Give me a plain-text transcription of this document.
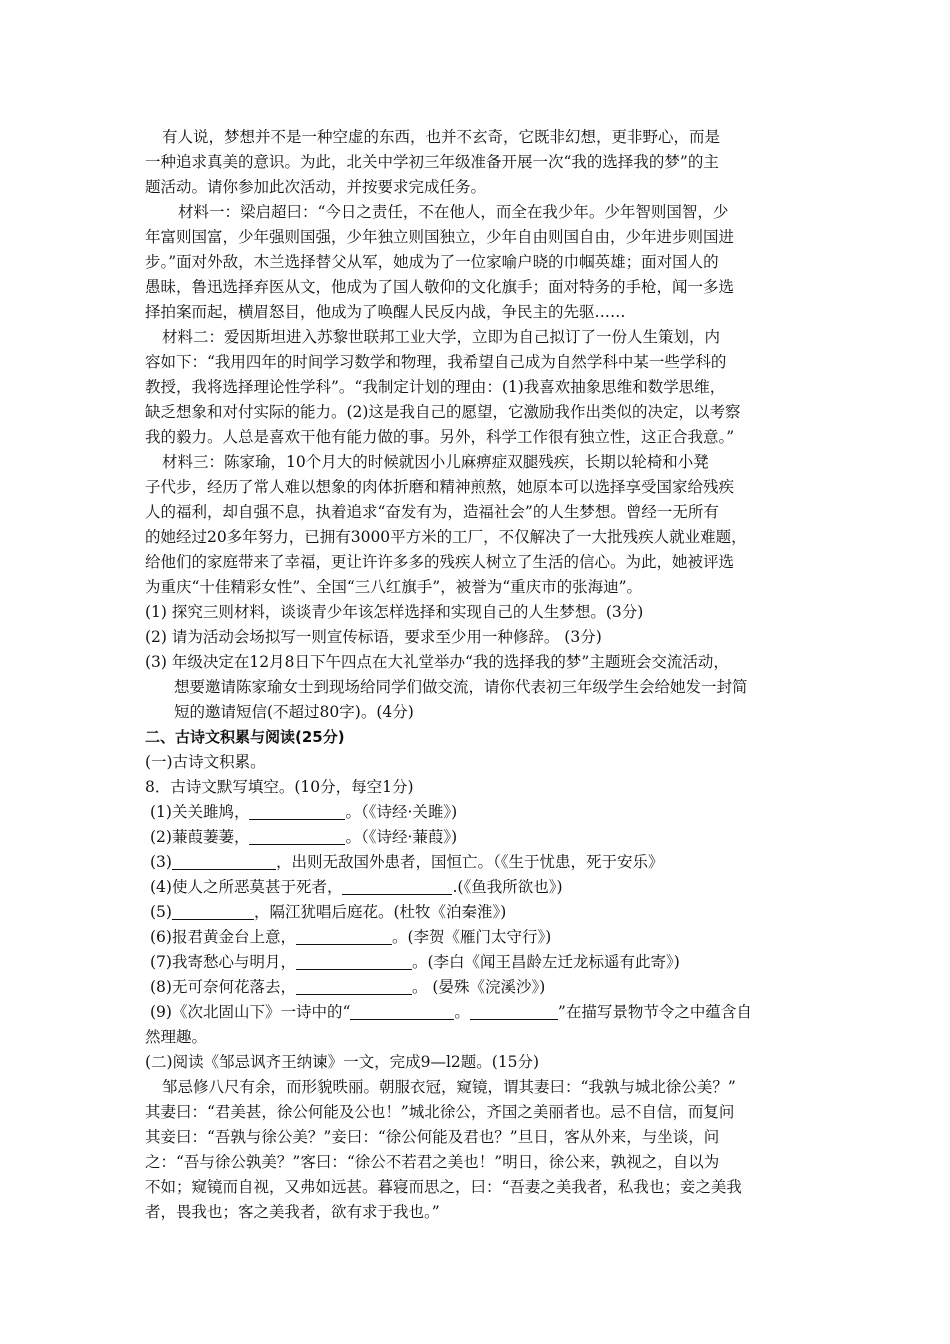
有人说，梦想并不是一种空虚的东西，也并不玄奇，它既非幻想，更非野心，而是
一种追求真美的意识。为此，北关中学初三年级准备开展一次“我的选择我的梦”的主
题活动。请你参加此次活动，并按要求完成任务。
材料一：梁启超曰：“今日之责任，不在他人，而全在我少年。少年智则国智，少
年富则国富，少年强则国强，少年独立则国独立，少年自由则国自由，少年进步则国进
步。”面对外敌，木兰选择替父从军，她成为了一位家喻户晓的巾帼英雄；面对国人的
愚昧，鲁迅选择弃医从文，他成为了国人敬仰的文化旗手；面对特务的手枪，闻一多选
择拍案而起，横眉怒目，他成为了唤醒人民反内战，争民主的先驱……
材料二：爱因斯坦进入苏黎世联邦工业大学，立即为自己拟订了一份人生策划，内
容如下：“我用四年的时间学习数学和物理，我希望自己成为自然学科中某一些学科的
教授，我将选择理论性学科”。“我制定计划的理由：(1)我喜欢抽象思维和数学思维，
缺乏想象和对付实际的能力。(2)这是我自己的愿望，它激励我作出类似的决定，以考察
我的毅力。人总是喜欢干他有能力做的事。另外，科学工作很有独立性，这正合我意。”
材料三：陈家瑜，10个月大的时候就因小儿麻痹症双腿残疾，长期以轮椅和小凳
子代步，经历了常人难以想象的肉体折磨和精神煎熬，她原本可以选择享受国家给残疾
人的福利，却自强不息，执着追求“奋发有为，造福社会”的人生梦想。曾经一无所有
的她经过20多年努力，已拥有3000平方米的工厂，不仅解决了一大批残疾人就业难题，
给他们的家庭带来了幸福，更让许许多多的残疾人树立了生活的信心。为此，她被评选
为重庆“十佳精彩女性”、全国“三八红旗手”，被誉为“重庆市的张海迪”。
(1) 探究三则材料，谈谈青少年该怎样选择和实现自己的人生梦想。(3分)
(2) 请为活动会场拟写一则宣传标语，要求至少用一种修辞。 (3分)
(3) 年级决定在12月8日下午四点在大礼堂举办“我的选择我的梦”主题班会交流活动，
想要邀请陈家瑜女士到现场给同学们做交流，请你代表初三年级学生会给她发一封简
短的邀请短信(不超过80字)。(4分)
二、古诗文积累与阅读(25分)
(一)古诗文积累。
8．古诗文默写填空。(10分，每空1分)
(1)关关雎鸠，	。（《诗经·关雎》)
(2)蒹葭萋萋，	。（《诗经·蒹葭》)
(3)	，出则无敌国外患者，国恒亡。（《生于忧患，死于安乐》
(4)使人之所恶莫甚于死者，	.(《鱼我所欲也》)
(5)	，隔江犹唱后庭花。(杜牧《泊秦淮》)
(6)报君黄金台上意，	。(李贺《雁门太守行》)
(7)我寄愁心与明月，	。(李白《闻王昌龄左迁龙标遥有此寄》)
(8)无可奈何花落去，	。 (晏殊《浣溪沙》)
(9)《次北固山下》一诗中的“	。	”在描写景物节令之中蕴含自
然理趣。
(二)阅读《邹忌讽齐王纳谏》一文，完成9—l2题。(15分)
邹忌修八尺有余，而形貌昳丽。朝服衣冠，窥镜，谓其妻曰：“我孰与城北徐公美？”
其妻曰：“君美甚，徐公何能及公也！”城北徐公，齐国之美丽者也。忌不自信，而复问
其妾曰：“吾孰与徐公美？”妾曰：“徐公何能及君也？”旦日，客从外来，与坐谈，问
之：“吾与徐公孰美？”客曰：“徐公不若君之美也！”明日，徐公来，孰视之，自以为
不如；窥镜而自视，又弗如远甚。暮寝而思之，曰：“吾妻之美我者，私我也；妾之美我
者，畏我也；客之美我者，欲有求于我也。”
